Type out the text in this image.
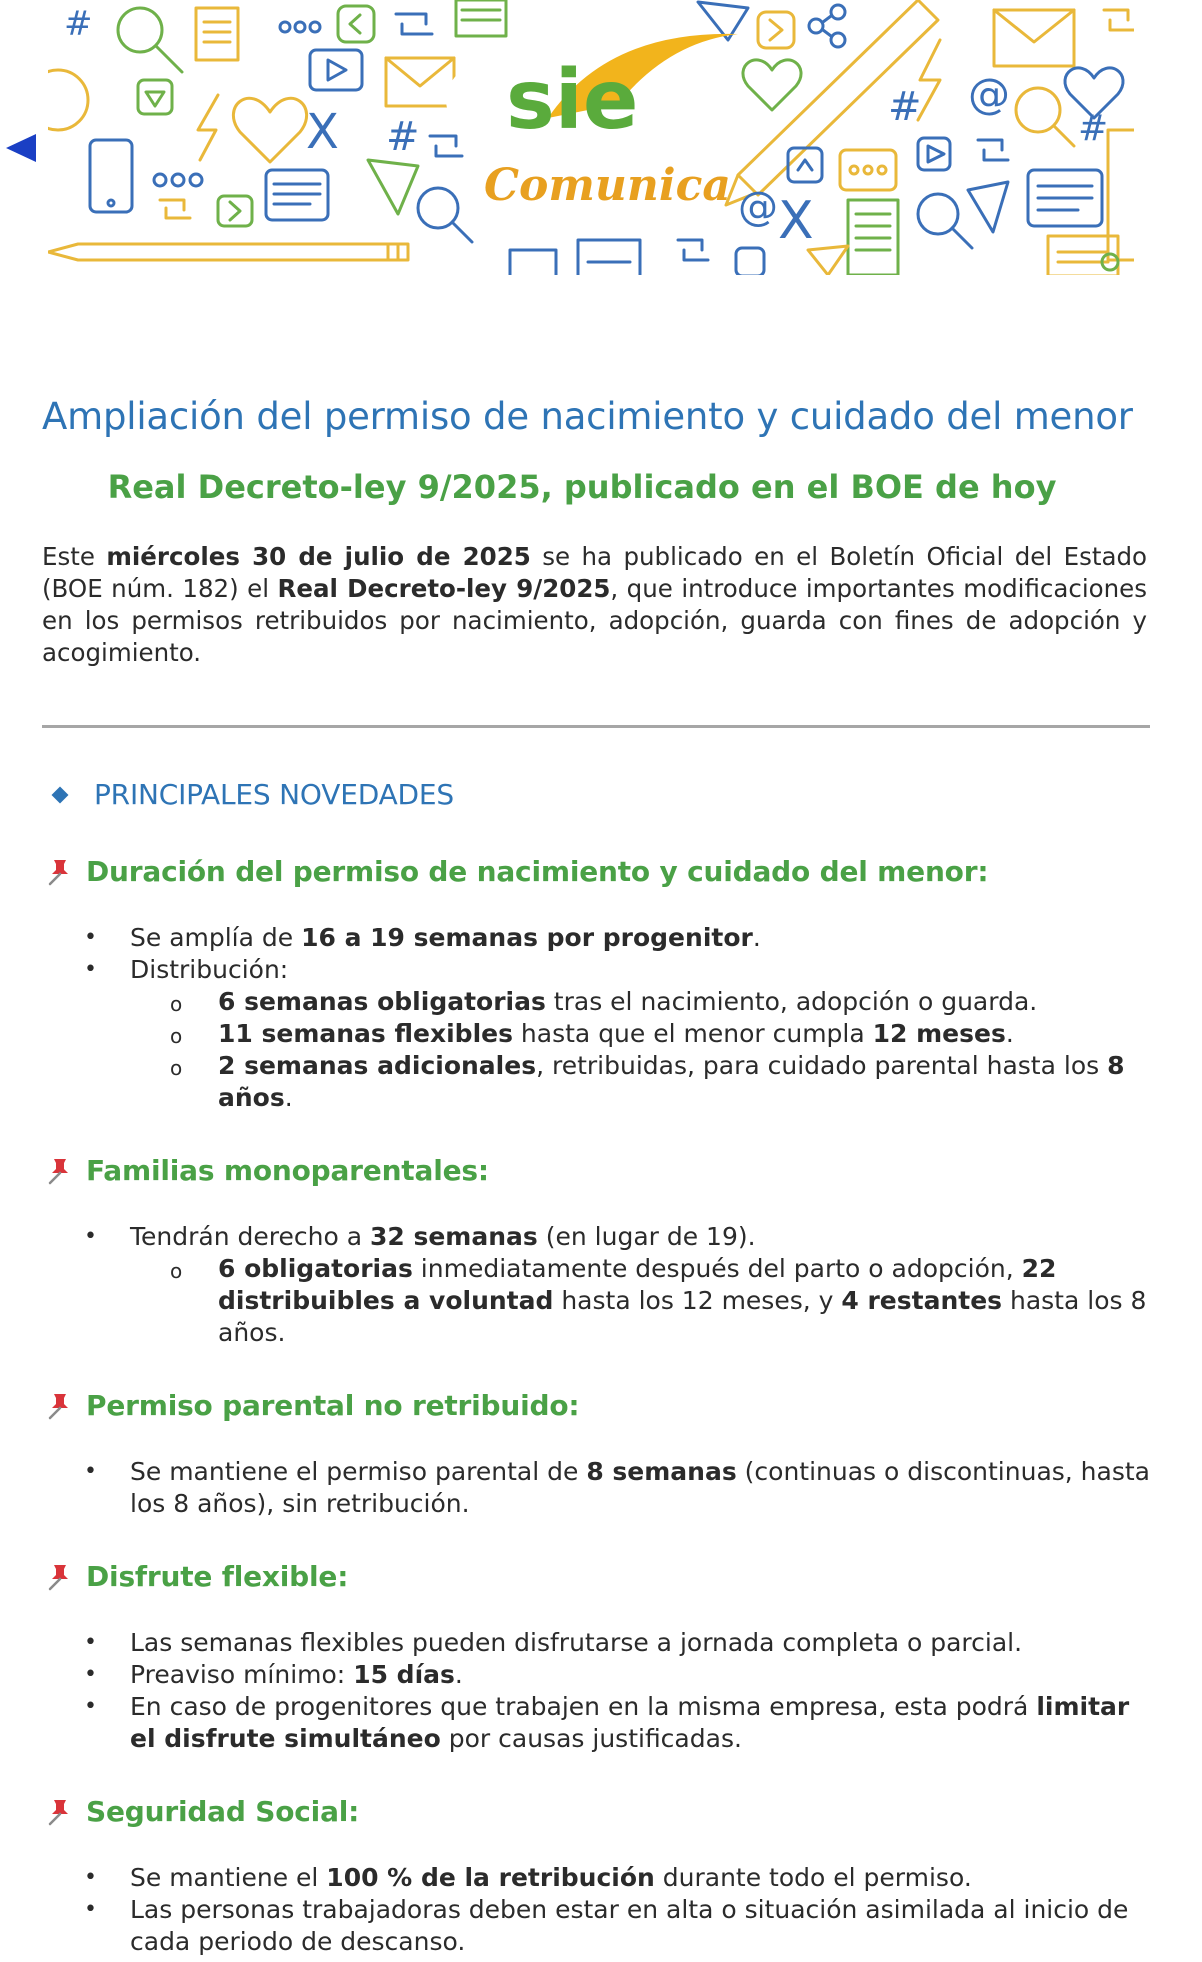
#
X #
# @
#
@ X
sie
Comunica
Ampliación del permiso de nacimiento y cuidado del menor
Real Decreto-ley 9/2025, publicado en el BOE de hoy

Este miércoles 30 de julio de 2025 se ha publicado en el Boletín Oficial del Estado (BOE núm. 182) el Real Decreto-ley 9/2025, que introduce importantes modificaciones en los permisos retribuidos por nacimiento, adopción, guarda con fines de adopción y acogimiento.

PRINCIPALES NOVEDADES
Duración del permiso de nacimiento y cuidado del menor:
• Se amplía de 16 a 19 semanas por progenitor.
• Distribución:
o 6 semanas obligatorias tras el nacimiento, adopción o guarda.
o 11 semanas flexibles hasta que el menor cumpla 12 meses.
o 2 semanas adicionales, retribuidas, para cuidado parental hasta los 8 años.
Familias monoparentales:
• Tendrán derecho a 32 semanas (en lugar de 19).
o 6 obligatorias inmediatamente después del parto o adopción, 22 distribuibles a voluntad hasta los 12 meses, y 4 restantes hasta los 8 años.
Permiso parental no retribuido:
• Se mantiene el permiso parental de 8 semanas (continuas o discontinuas, hasta los 8 años), sin retribución.
Disfrute flexible:
• Las semanas flexibles pueden disfrutarse a jornada completa o parcial.
• Preaviso mínimo: 15 días.
• En caso de progenitores que trabajen en la misma empresa, esta podrá limitar el disfrute simultáneo por causas justificadas.
Seguridad Social:
• Se mantiene el 100 % de la retribución durante todo el permiso.
• Las personas trabajadoras deben estar en alta o situación asimilada al inicio de cada periodo de descanso.
